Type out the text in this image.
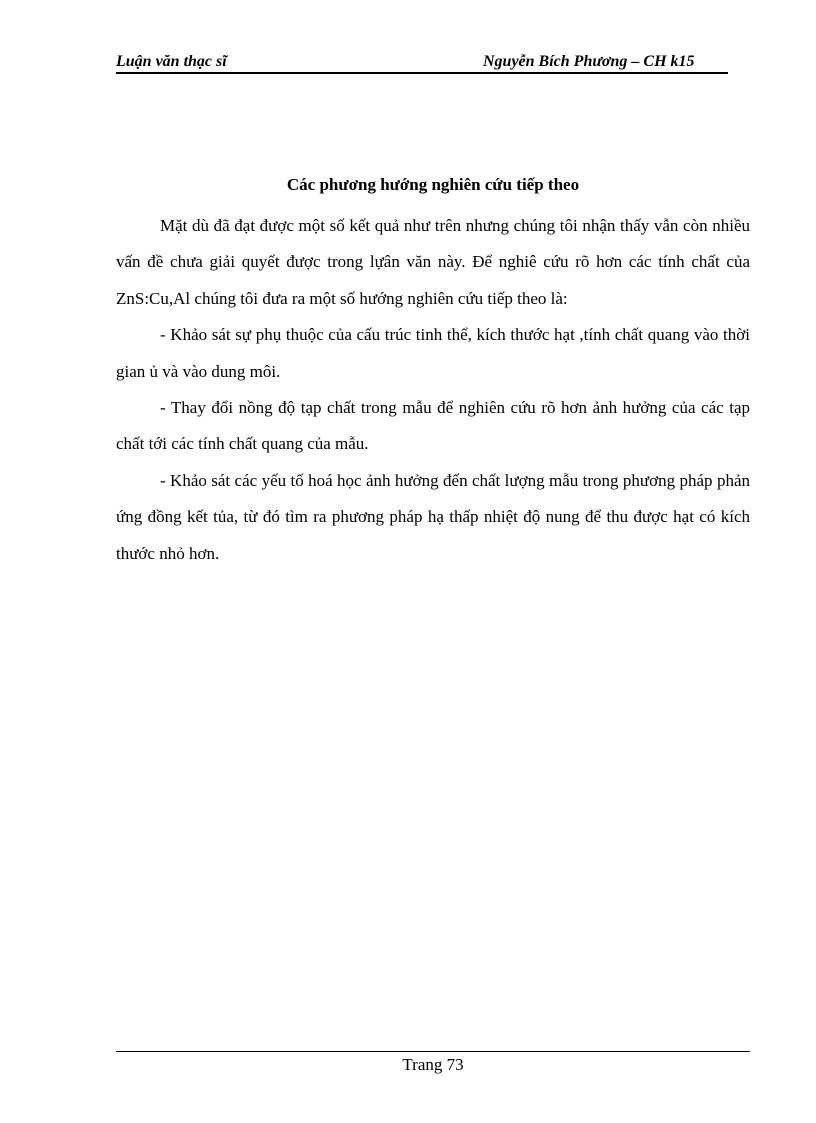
Luận văn thạc sĩ	Nguyễn Bích Phương – CH k15
Các phương hướng nghiên cứu tiếp theo

Mặt dù đã đạt được một số kết quả như trên nhưng chúng tôi nhận thấy vẫn còn nhiều vấn đề chưa giải quyết được trong lựân văn này. Để nghiê cứu rõ hơn các tính chất của ZnS:Cu,Al chúng tôi đưa ra một số hướng nghiên cứu tiếp theo là:

- Khảo sát sự phụ thuộc của cấu trúc tinh thể, kích thước hạt ,tính chất quang vào thời gian ủ và vào dung môi.

- Thay đổi nồng độ tạp chất trong mẫu để nghiên cứu rõ hơn ảnh hưởng của các tạp chất tới các tính chất quang của mẫu.

- Khảo sát các yếu tố hoá học ảnh hưởng đến chất lượng mẫu trong phương pháp phản ứng đồng kết tủa, từ đó tìm ra phương pháp hạ thấp nhiệt độ nung để thu được hạt có kích thước nhỏ hơn.

Trang 73
